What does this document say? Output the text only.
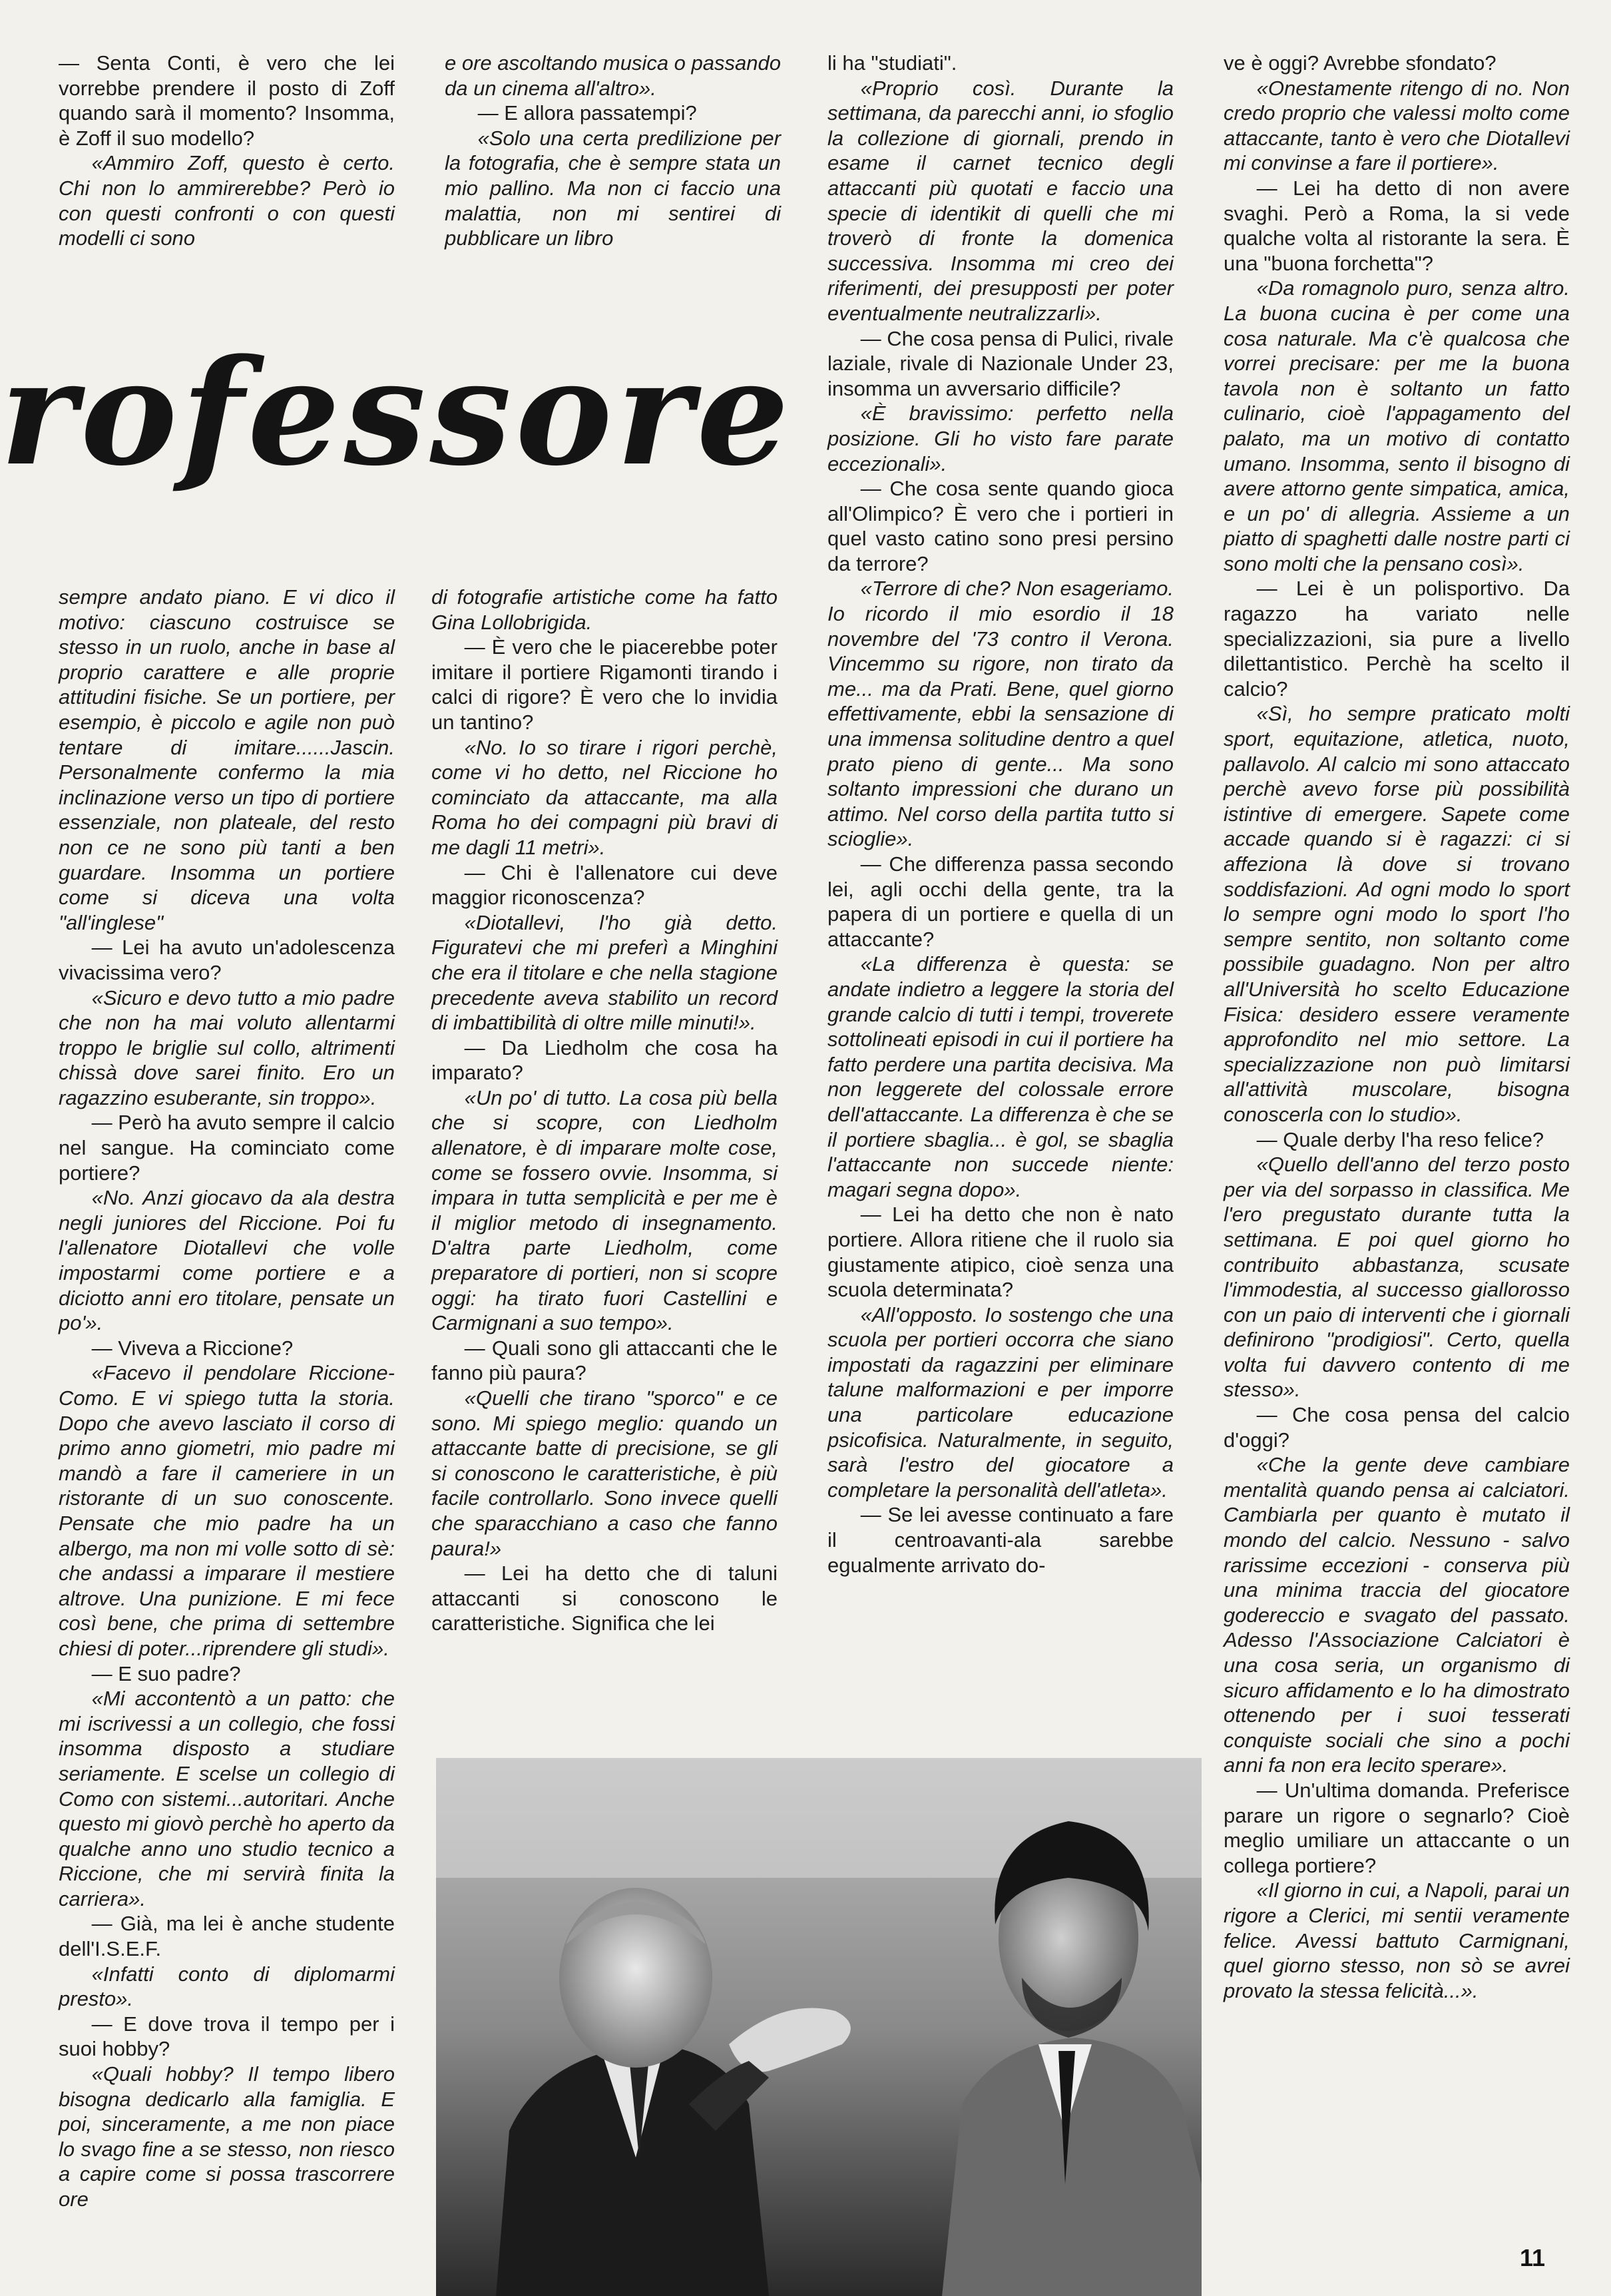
— Senta Conti, è vero che lei vorrebbe prendere il posto di Zoff quando sarà il momento? Insomma, è Zoff il suo modello?

«Ammiro Zoff, questo è certo. Chi non lo ammirerebbe? Però io con questi confronti o con questi modelli ci sono

e ore ascoltando musica o passando da un cinema all'altro».

— E allora passatempi?

«Solo una certa predilizione per la fotografia, che è sempre stata un mio pallino. Ma non ci faccio una malattia, non mi sentirei di pubblicare un libro

rofessore

sempre andato piano. E vi dico il motivo: ciascuno costruisce se stesso in un ruolo, anche in base al proprio carattere e alle proprie attitudini fisiche. Se un portiere, per esempio, è piccolo e agile non può tentare di imitare......Jascin. Personalmente confermo la mia inclinazione verso un tipo di portiere essenziale, non plateale, del resto non ce ne sono più tanti a ben guardare. Insomma un portiere come si diceva una volta "all'inglese"

— Lei ha avuto un'adolescenza vivacissima vero?

«Sicuro e devo tutto a mio padre che non ha mai voluto allentarmi troppo le briglie sul collo, altrimenti chissà dove sarei finito. Ero un ragazzino esuberante, sin troppo».

— Però ha avuto sempre il calcio nel sangue. Ha cominciato come portiere?

«No. Anzi giocavo da ala destra negli juniores del Riccione. Poi fu l'allenatore Diotallevi che volle impostarmi come portiere e a diciotto anni ero titolare, pensate un po'».

— Viveva a Riccione?

«Facevo il pendolare Riccione-Como. E vi spiego tutta la storia. Dopo che avevo lasciato il corso di primo anno giometri, mio padre mi mandò a fare il cameriere in un ristorante di un suo conoscente. Pensate che mio padre ha un albergo, ma non mi volle sotto di sè: che andassi a imparare il mestiere altrove. Una punizione. E mi fece così bene, che prima di settembre chiesi di poter...riprendere gli studi».

— E suo padre?

«Mi accontentò a un patto: che mi iscrivessi a un collegio, che fossi insomma disposto a studiare seriamente. E scelse un collegio di Como con sistemi...autoritari. Anche questo mi giovò perchè ho aperto da qualche anno uno studio tecnico a Riccione, che mi servirà finita la carriera».

— Già, ma lei è anche studente dell'I.S.E.F.

«Infatti conto di diplomarmi presto».

— E dove trova il tempo per i suoi hobby?

«Quali hobby? Il tempo libero bisogna dedicarlo alla famiglia. E poi, sinceramente, a me non piace lo svago fine a se stesso, non riesco a capire come si possa trascorrere ore

di fotografie artistiche come ha fatto Gina Lollobrigida.

— È vero che le piacerebbe poter imitare il portiere Rigamonti tirando i calci di rigore? È vero che lo invidia un tantino?

«No. Io so tirare i rigori perchè, come vi ho detto, nel Riccione ho cominciato da attaccante, ma alla Roma ho dei compagni più bravi di me dagli 11 metri».

— Chi è l'allenatore cui deve maggior riconoscenza?

«Diotallevi, l'ho già detto. Figuratevi che mi preferì a Minghini che era il titolare e che nella stagione precedente aveva stabilito un record di imbattibilità di oltre mille minuti!».

— Da Liedholm che cosa ha imparato?

«Un po' di tutto. La cosa più bella che si scopre, con Liedholm allenatore, è di imparare molte cose, come se fossero ovvie. Insomma, si impara in tutta semplicità e per me è il miglior metodo di insegnamento. D'altra parte Liedholm, come preparatore di portieri, non si scopre oggi: ha tirato fuori Castellini e Carmignani a suo tempo».

— Quali sono gli attaccanti che le fanno più paura?

«Quelli che tirano "sporco" e ce sono. Mi spiego meglio: quando un attaccante batte di precisione, se gli si conoscono le caratteristiche, è più facile controllarlo. Sono invece quelli che sparacchiano a caso che fanno paura!»

— Lei ha detto che di taluni attaccanti si conoscono le caratteristiche. Significa che lei

li ha "studiati".

«Proprio così. Durante la settimana, da parecchi anni, io sfoglio la collezione di giornali, prendo in esame il carnet tecnico degli attaccanti più quotati e faccio una specie di identikit di quelli che mi troverò di fronte la domenica successiva. Insomma mi creo dei riferimenti, dei presupposti per poter eventualmente neutralizzarli».

— Che cosa pensa di Pulici, rivale laziale, rivale di Nazionale Under 23, insomma un avversario difficile?

«È bravissimo: perfetto nella posizione. Gli ho visto fare parate eccezionali».

— Che cosa sente quando gioca all'Olimpico? È vero che i portieri in quel vasto catino sono presi persino da terrore?

«Terrore di che? Non esageriamo. Io ricordo il mio esordio il 18 novembre del '73 contro il Verona. Vincemmo su rigore, non tirato da me... ma da Prati. Bene, quel giorno effettivamente, ebbi la sensazione di una immensa solitudine dentro a quel prato pieno di gente... Ma sono soltanto impressioni che durano un attimo. Nel corso della partita tutto si scioglie».

— Che differenza passa secondo lei, agli occhi della gente, tra la papera di un portiere e quella di un attaccante?

«La differenza è questa: se andate indietro a leggere la storia del grande calcio di tutti i tempi, troverete sottolineati episodi in cui il portiere ha fatto perdere una partita decisiva. Ma non leggerete del colossale errore dell'attaccante. La differenza è che se il portiere sbaglia... è gol, se sbaglia l'attaccante non succede niente: magari segna dopo».

— Lei ha detto che non è nato portiere. Allora ritiene che il ruolo sia giustamente atipico, cioè senza una scuola determinata?

«All'opposto. Io sostengo che una scuola per portieri occorra che siano impostati da ragazzini per eliminare talune malformazioni e per imporre una particolare educazione psicofisica. Naturalmente, in seguito, sarà l'estro del giocatore a completare la personalità dell'atleta».

— Se lei avesse continuato a fare il centroavanti-ala sarebbe egualmente arrivato do-

ve è oggi? Avrebbe sfondato?

«Onestamente ritengo di no. Non credo proprio che valessi molto come attaccante, tanto è vero che Diotallevi mi convinse a fare il portiere».

— Lei ha detto di non avere svaghi. Però a Roma, la si vede qualche volta al ristorante la sera. È una "buona forchetta"?

«Da romagnolo puro, senza altro. La buona cucina è per come una cosa naturale. Ma c'è qualcosa che vorrei precisare: per me la buona tavola non è soltanto un fatto culinario, cioè l'appagamento del palato, ma un motivo di contatto umano. Insomma, sento il bisogno di avere attorno gente simpatica, amica, e un po' di allegria. Assieme a un piatto di spaghetti dalle nostre parti ci sono molti che la pensano così».

— Lei è un polisportivo. Da ragazzo ha variato nelle specializzazioni, sia pure a livello dilettantistico. Perchè ha scelto il calcio?

«Sì, ho sempre praticato molti sport, equitazione, atletica, nuoto, pallavolo. Al calcio mi sono attaccato perchè avevo forse più possibilità istintive di emergere. Sapete come accade quando si è ragazzi: ci si affeziona là dove si trovano soddisfazioni. Ad ogni modo lo sport lo sempre ogni modo lo sport l'ho sempre sentito, non soltanto come possibile guadagno. Non per altro all'Università ho scelto Educazione Fisica: desidero essere veramente approfondito nel mio settore. La specializzazione non può limitarsi all'attività muscolare, bisogna conoscerla con lo studio».

— Quale derby l'ha reso felice?

«Quello dell'anno del terzo posto per via del sorpasso in classifica. Me l'ero pregustato durante tutta la settimana. E poi quel giorno ho contribuito abbastanza, scusate l'immodestia, al successo giallorosso con un paio di interventi che i giornali definirono "prodigiosi". Certo, quella volta fui davvero contento di me stesso».

— Che cosa pensa del calcio d'oggi?

«Che la gente deve cambiare mentalità quando pensa ai calciatori. Cambiarla per quanto è mutato il mondo del calcio. Nessuno - salvo rarissime eccezioni - conserva più una minima traccia del giocatore godereccio e svagato del passato. Adesso l'Associazione Calciatori è una cosa seria, un organismo di sicuro affidamento e lo ha dimostrato ottenendo per i suoi tesserati conquiste sociali che sino a pochi anni fa non era lecito sperare».

— Un'ultima domanda. Preferisce parare un rigore o segnarlo? Cioè meglio umiliare un attaccante o un collega portiere?

«Il giorno in cui, a Napoli, parai un rigore a Clerici, mi sentii veramente felice. Avessi battuto Carmignani, quel giorno stesso, non sò se avrei provato la stessa felicità...».

11
